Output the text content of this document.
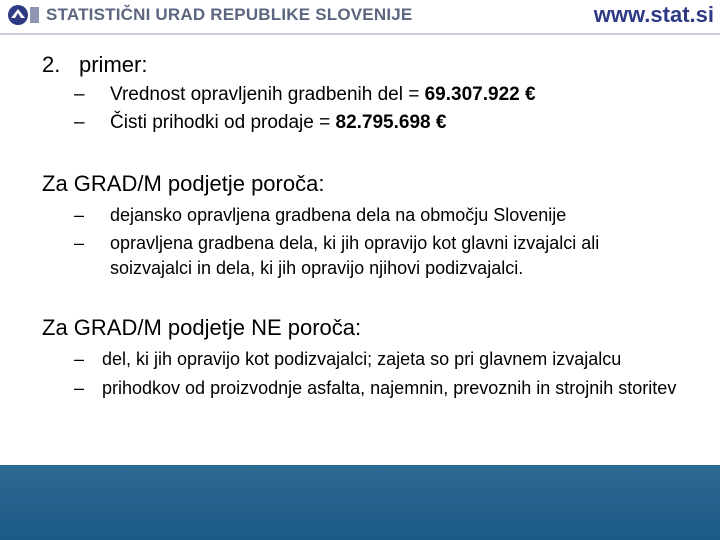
STATISTIČNI URAD REPUBLIKE SLOVENIJE	www.stat.si
2. primer:
– Vrednost opravljenih gradbenih del = 69.307.922 €
– Čisti prihodki od prodaje = 82.795.698 €
Za GRAD/M podjetje poroča:
– dejansko opravljena gradbena dela na območju Slovenije
– opravljena gradbena dela, ki jih opravijo kot glavni izvajalci ali soizvajalci in dela, ki jih opravijo njihovi podizvajalci.
Za GRAD/M podjetje NE poroča:
– del, ki jih opravijo kot podizvajalci; zajeta so pri glavnem izvajalcu
– prihodkov od proizvodnje asfalta, najemnin, prevoznih in strojnih storitev
